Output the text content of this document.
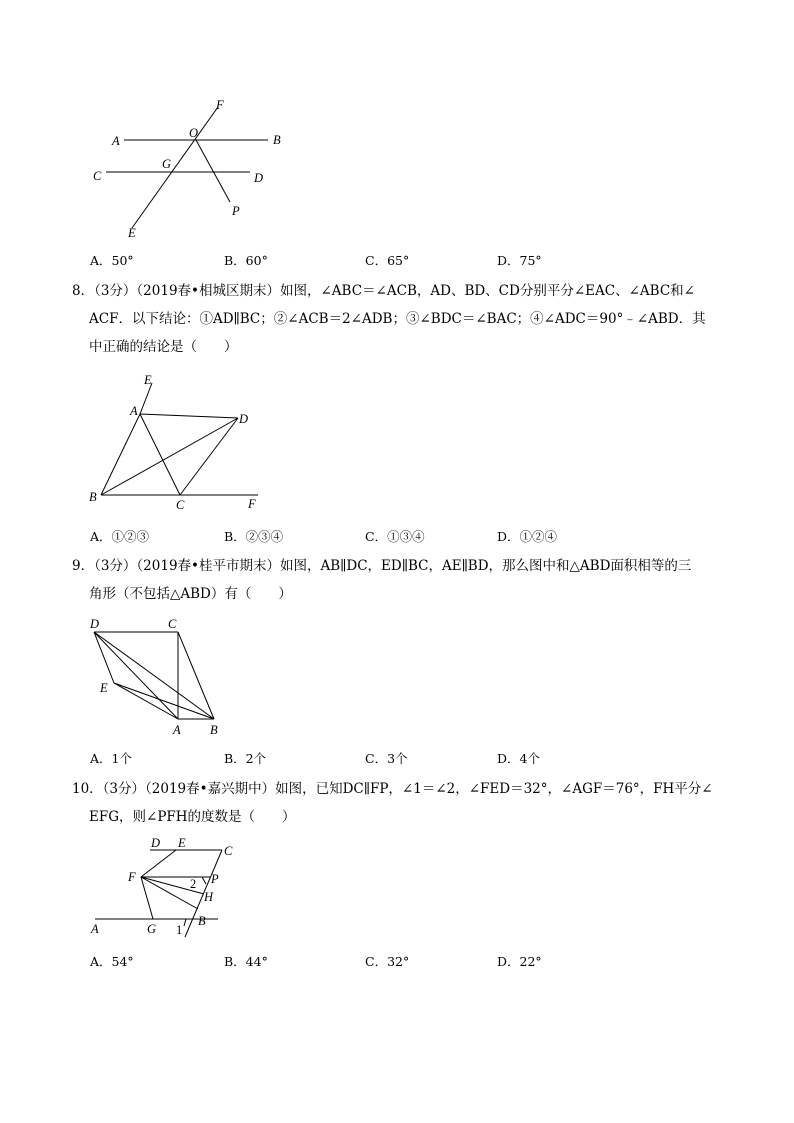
F
O
A	B
G
C	D
P
E
A．50°	B．60°	C．65°	D．75°
8．（3分）（2019春•相城区期末）如图，∠ABC＝∠ACB，AD、BD、CD分别平分∠EAC、∠ABC和∠
ACF．以下结论：①AD∥BC；②∠ACB＝2∠ADB；③∠BDC＝∠BAC；④∠ADC＝90°﹣∠ABD．其
中正确的结论是（　　）
E
A
D
B
C	F
A．①②③	B．②③④	C．①③④	D．①②④
9．（3分）（2019春•桂平市期末）如图，AB∥DC，ED∥BC，AE∥BD，那么图中和△ABD面积相等的三
角形（不包括△ABD）有（　　）
D	C
E
A B
A．1个	B．2个	C．3个	D．4个
10．（3分）（2019春•嘉兴期中）如图，已知DC∥FP，∠1＝∠2，∠FED＝32°，∠AGF＝76°，FH平分∠
EFG，则∠PFH的度数是（　　）
D E
C
F	2 P
H
A	G 1
B
A．54°	B．44°	C．32°	D．22°
